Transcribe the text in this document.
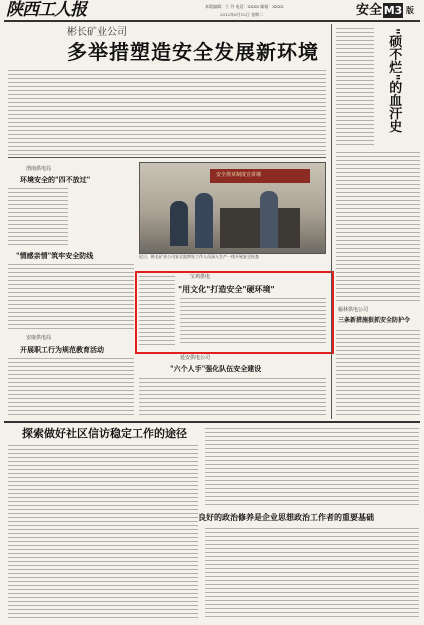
陕西工人报	本版编辑：于 丹 电话：XXXX 邮箱：XXXX
2012年6月12日 星期二	安全 M3 版
彬长矿业公司
多举措塑造安全发展新环境
渭南供电局
环境安全的"四不放过"
"情感亲情"筑牢安全防线
安康供电局
开展职工行为规范教育活动
安全规章制度宣讲墙
近日，彬长矿业公司安全监察处工作人员深入生产一线开展安全检查
宝鸡供电
"用文化"打造安全"硬环境"
延安供电公司
"六个人手"强化队伍安全建设
"硕不烂"的血汗史
榆林供电公司
三条新措施狠抓安全防护令
探索做好社区信访稳定工作的途径
良好的政治修养是企业思想政治工作者的重要基础
